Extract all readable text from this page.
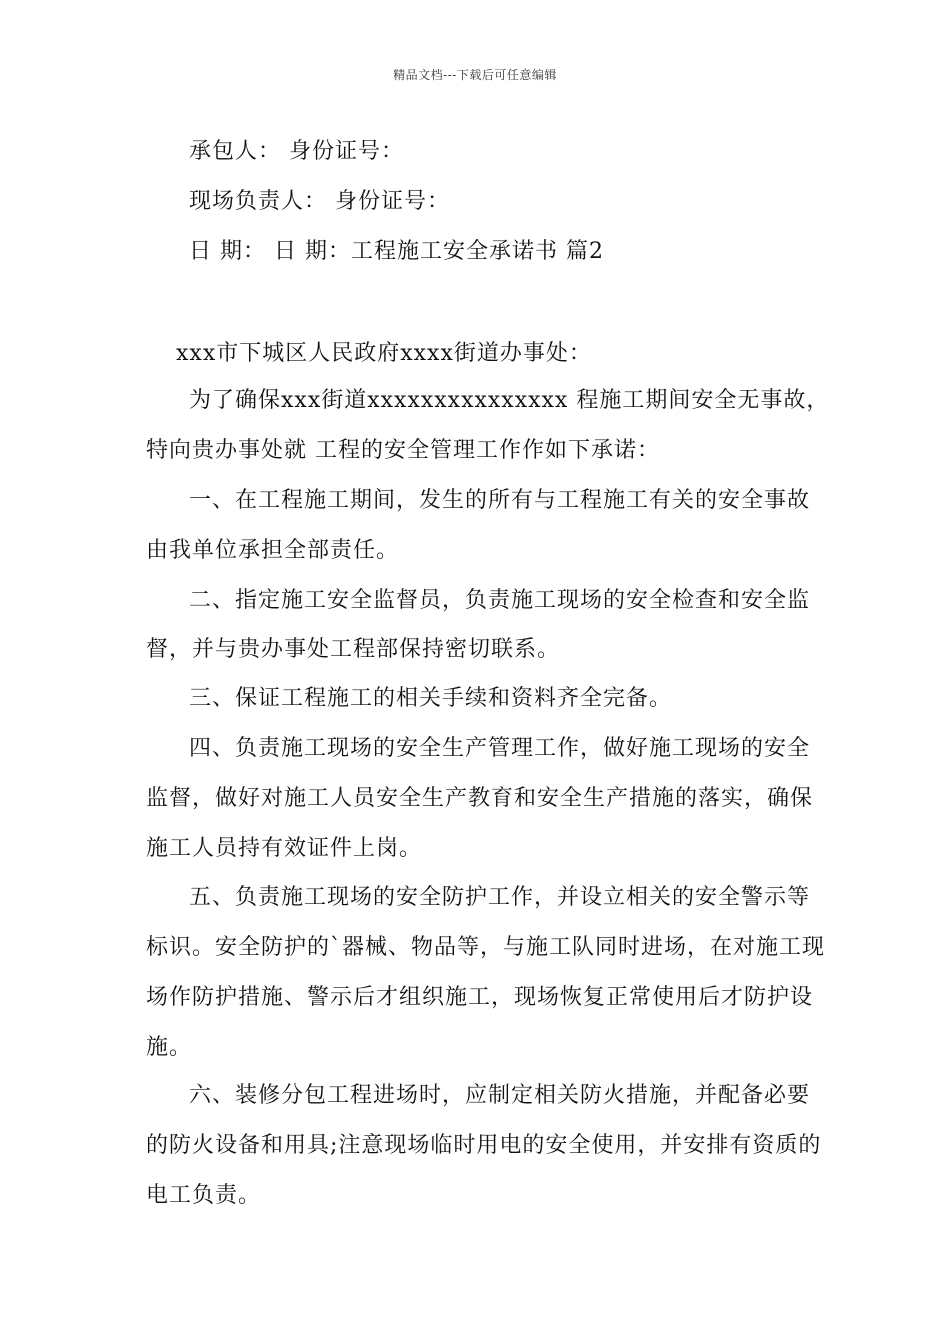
精品文档---下载后可任意编辑
承包人： 身份证号：
现场负责人： 身份证号：
日 期： 日 期：工程施工安全承诺书 篇2
xxx市下城区人民政府xxxx街道办事处：
为了确保xxx街道xxxxxxxxxxxxxxx 程施工期间安全无事故，
特向贵办事处就 工程的安全管理工作作如下承诺：
一、在工程施工期间，发生的所有与工程施工有关的安全事故
由我单位承担全部责任。
二、指定施工安全监督员，负责施工现场的安全检查和安全监
督，并与贵办事处工程部保持密切联系。
三、保证工程施工的相关手续和资料齐全完备。
四、负责施工现场的安全生产管理工作，做好施工现场的安全
监督，做好对施工人员安全生产教育和安全生产措施的落实，确保
施工人员持有效证件上岗。
五、负责施工现场的安全防护工作，并设立相关的安全警示等
标识。安全防护的`器械、物品等，与施工队同时进场，在对施工现
场作防护措施、警示后才组织施工，现场恢复正常使用后才防护设
施。
六、装修分包工程进场时，应制定相关防火措施，并配备必要
的防火设备和用具;注意现场临时用电的安全使用，并安排有资质的
电工负责。
